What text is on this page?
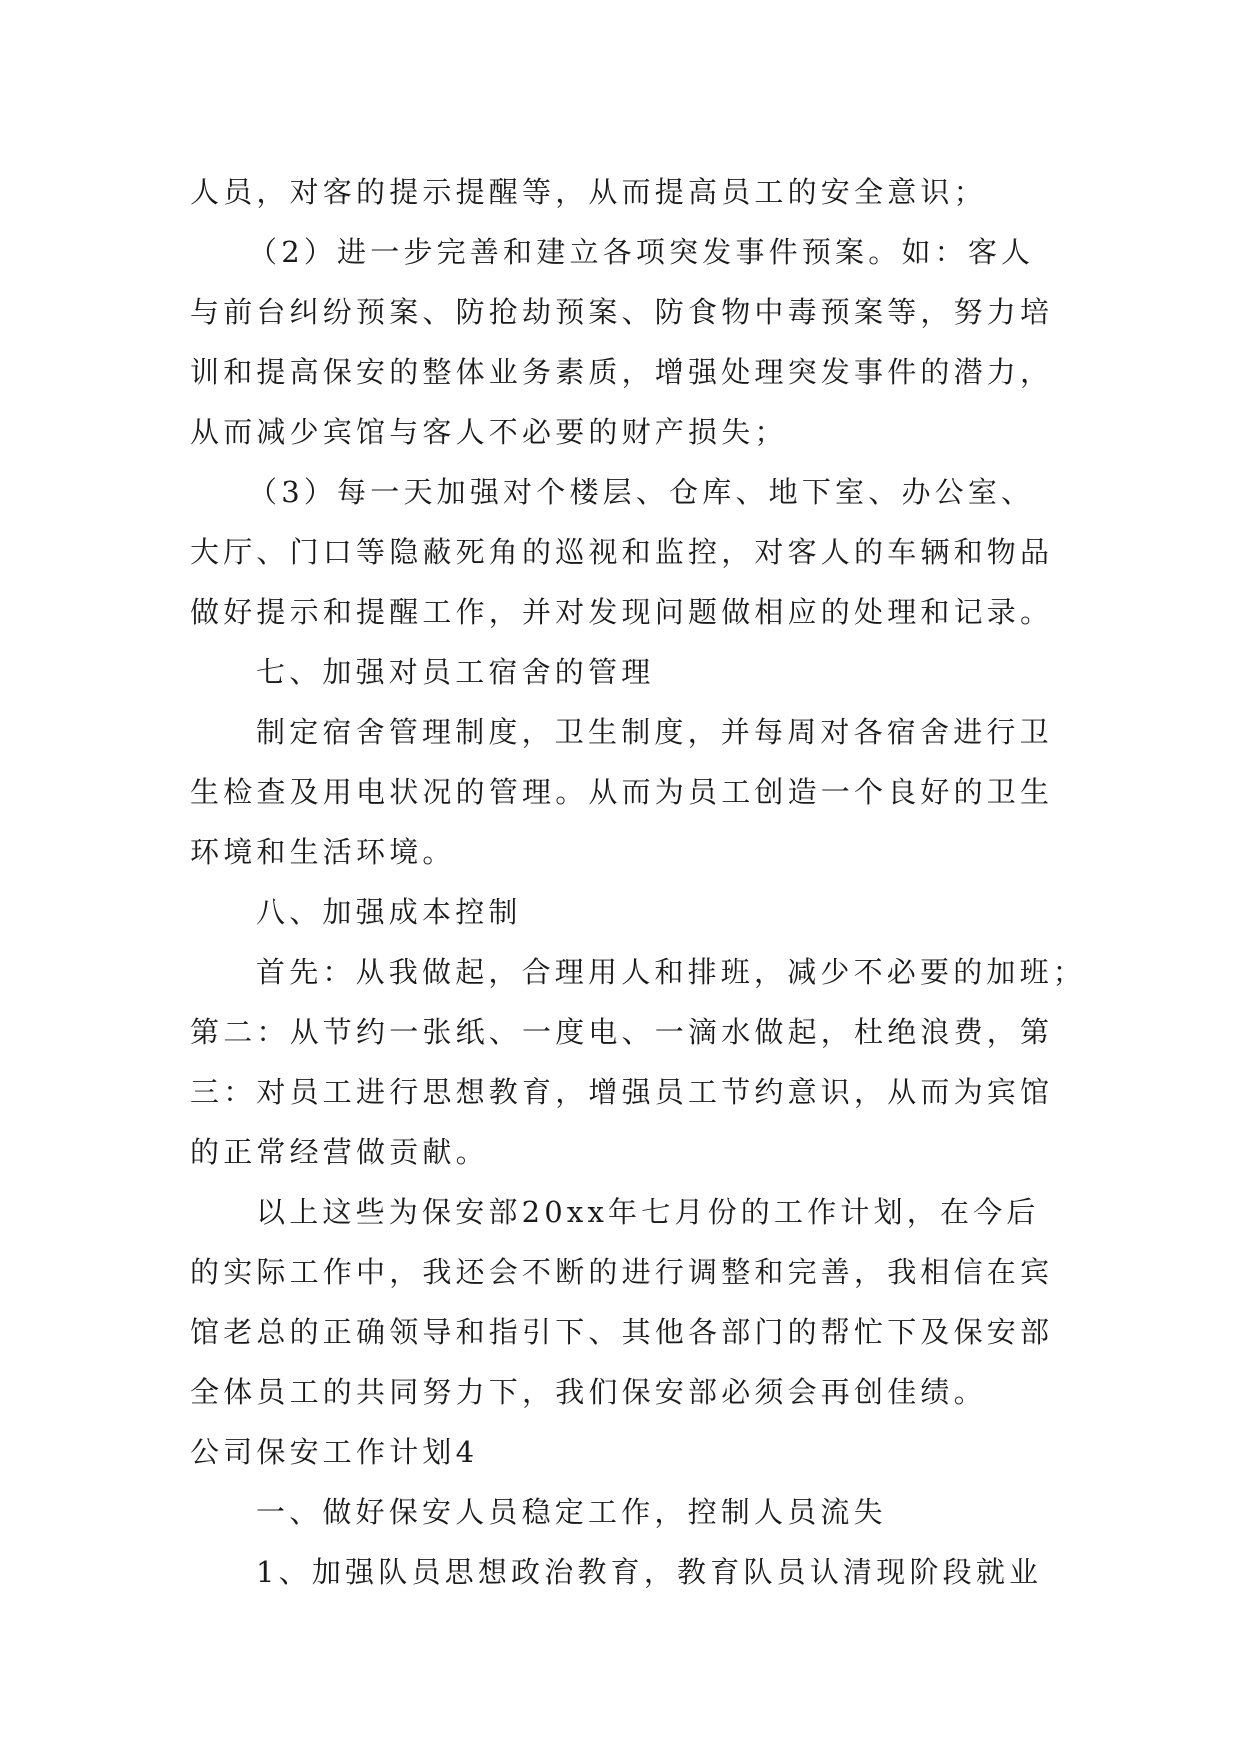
人员，对客的提示提醒等，从而提高员工的安全意识；
（2）进一步完善和建立各项突发事件预案。如：客人
与前台纠纷预案、防抢劫预案、防食物中毒预案等，努力培
训和提高保安的整体业务素质，增强处理突发事件的潜力，
从而减少宾馆与客人不必要的财产损失；
（3）每一天加强对个楼层、仓库、地下室、办公室、
大厅、门口等隐蔽死角的巡视和监控，对客人的车辆和物品
做好提示和提醒工作，并对发现问题做相应的处理和记录。
七、加强对员工宿舍的管理
制定宿舍管理制度，卫生制度，并每周对各宿舍进行卫
生检查及用电状况的管理。从而为员工创造一个良好的卫生
环境和生活环境。
八、加强成本控制
首先：从我做起，合理用人和排班，减少不必要的加班；
第二：从节约一张纸、一度电、一滴水做起，杜绝浪费，第
三：对员工进行思想教育，增强员工节约意识，从而为宾馆
的正常经营做贡献。
以上这些为保安部20xx年七月份的工作计划，在今后
的实际工作中，我还会不断的进行调整和完善，我相信在宾
馆老总的正确领导和指引下、其他各部门的帮忙下及保安部
全体员工的共同努力下，我们保安部必须会再创佳绩。
公司保安工作计划4
一、做好保安人员稳定工作，控制人员流失
1、加强队员思想政治教育，教育队员认清现阶段就业
